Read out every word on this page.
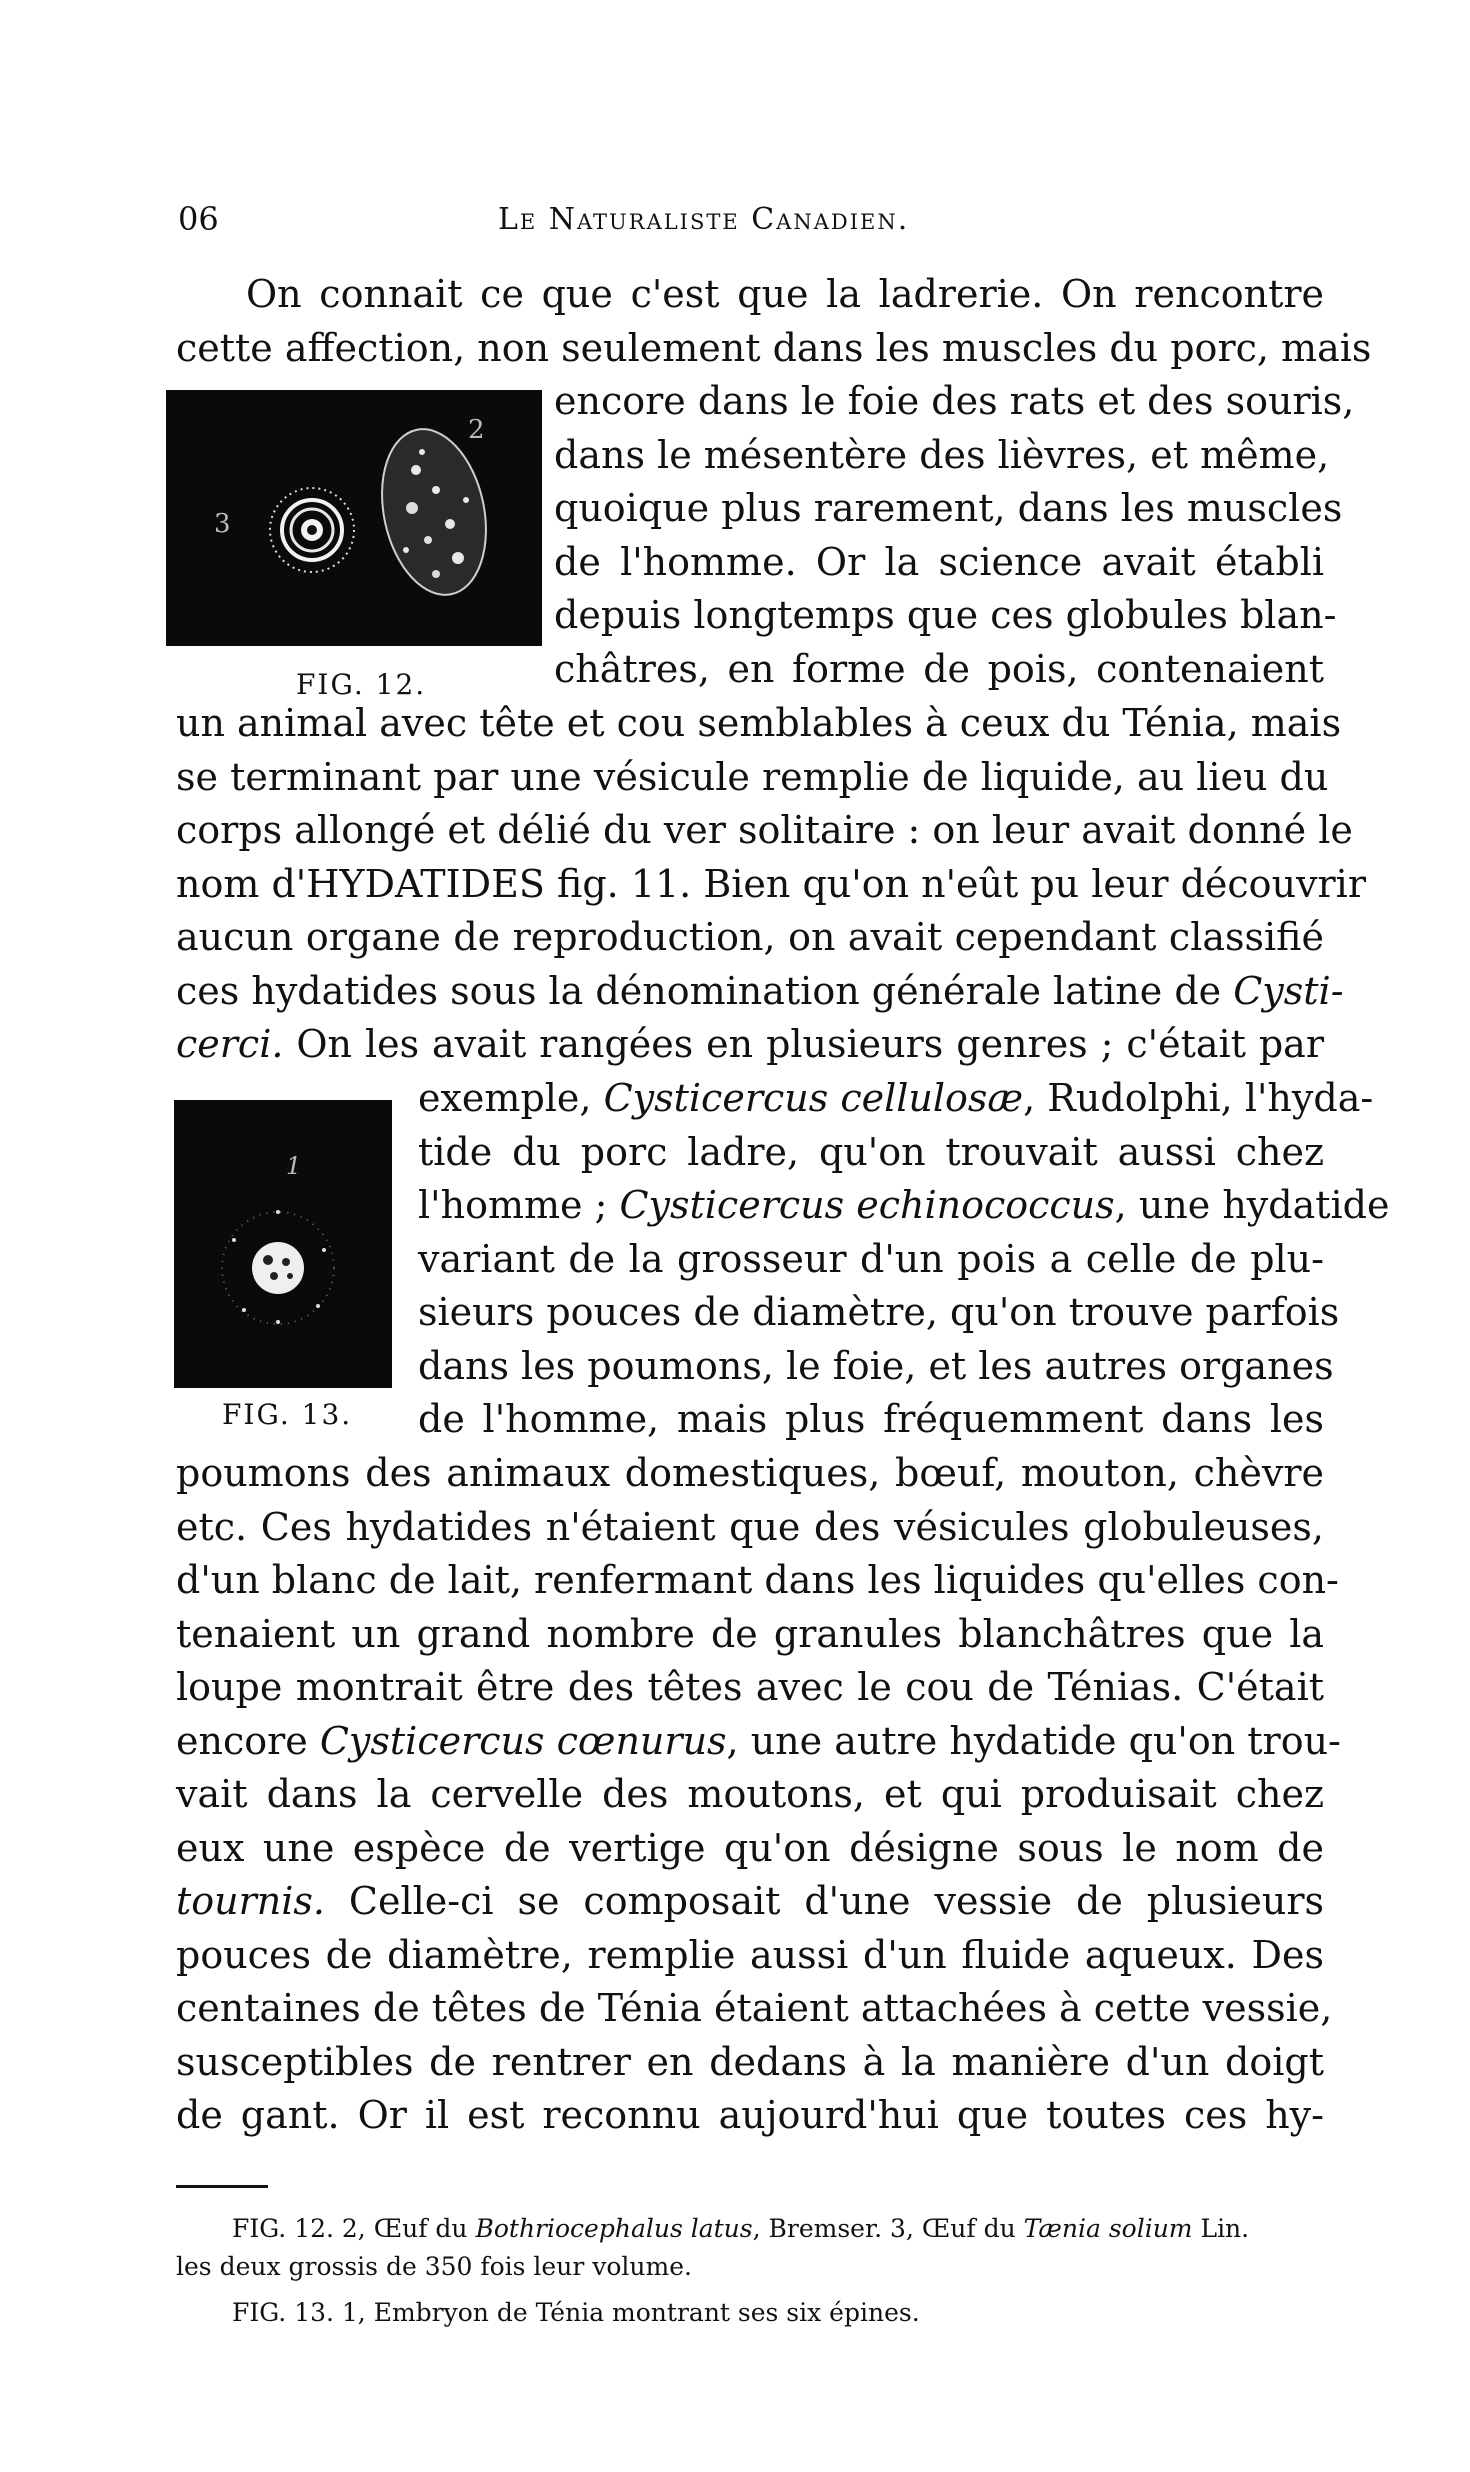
06	Le Naturaliste Canadien.
3
2
FIG. 12.
1
FIG. 13.
On connait ce que c'est que la ladrerie. On rencontre
cette affection, non seulement dans les muscles du porc, mais
encore dans le foie des rats et des souris,
dans le mésentère des lièvres, et même,
quoique plus rarement, dans les muscles
de l'homme. Or la science avait établi
depuis longtemps que ces globules blan-
châtres, en forme de pois, contenaient
un animal avec tête et cou semblables à ceux du Ténia, mais
se terminant par une vésicule remplie de liquide, au lieu du
corps allongé et délié du ver solitaire : on leur avait donné le
nom d'HYDATIDES fig. 11. Bien qu'on n'eût pu leur découvrir
aucun organe de reproduction, on avait cependant classifié
ces hydatides sous la dénomination générale latine de Cysti-
cerci. On les avait rangées en plusieurs genres ; c'était par
exemple, Cysticercus cellulosæ, Rudolphi, l'hyda-
tide du porc ladre, qu'on trouvait aussi chez
l'homme ; Cysticercus echinococcus, une hydatide
variant de la grosseur d'un pois a celle de plu-
sieurs pouces de diamètre, qu'on trouve parfois
dans les poumons, le foie, et les autres organes
de l'homme, mais plus fréquemment dans les
poumons des animaux domestiques, bœuf, mouton, chèvre
etc. Ces hydatides n'étaient que des vésicules globuleuses,
d'un blanc de lait, renfermant dans les liquides qu'elles con-
tenaient un grand nombre de granules blanchâtres que la
loupe montrait être des têtes avec le cou de Ténias. C'était
encore Cysticercus cœnurus, une autre hydatide qu'on trou-
vait dans la cervelle des moutons, et qui produisait chez
eux une espèce de vertige qu'on désigne sous le nom de
tournis. Celle-ci se composait d'une vessie de plusieurs
pouces de diamètre, remplie aussi d'un fluide aqueux. Des
centaines de têtes de Ténia étaient attachées à cette vessie,
susceptibles de rentrer en dedans à la manière d'un doigt
de gant. Or il est reconnu aujourd'hui que toutes ces hy-
FIG. 12. 2, Œuf du Bothriocephalus latus, Bremser. 3, Œuf du Tænia solium Lin.
les deux grossis de 350 fois leur volume.
FIG. 13. 1, Embryon de Ténia montrant ses six épines.
